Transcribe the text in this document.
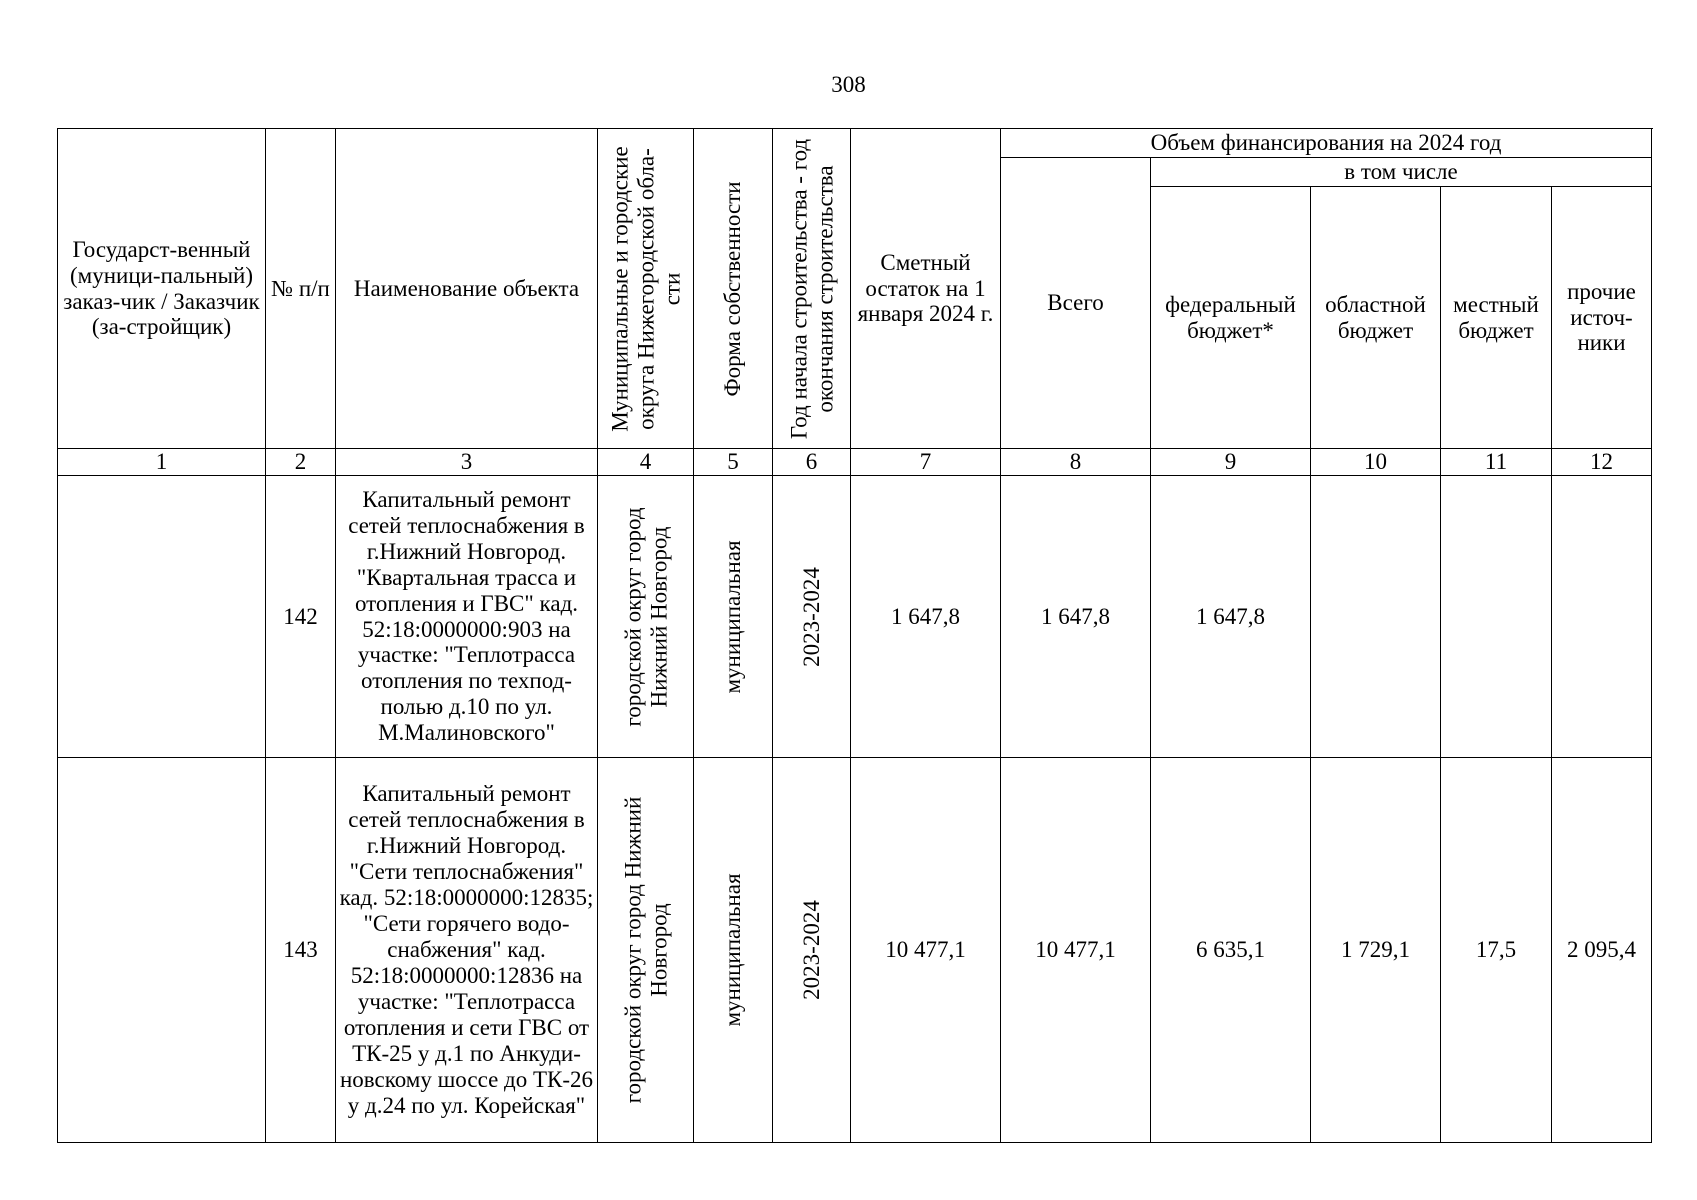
308
Государст-венный (муници-пальный) заказ-чик / Заказчик (за-стройщик)	№ п/п	Наименование объекта	Муниципальные и городские округа Нижегородской обла-сти	Форма собственности	Год начала строительства - год окончания строительства	Сметный остаток на 1 января 2024 г.	Объем финансирования на 2024 год				

							Всего	в том числе			

								федеральный бюджет*	областной бюджет	местный бюджет	прочие источ-ники

1	2	3	4	5	6	7	8	9	10	11	12
	142	Капитальный ремонт сетей теплоснабжения в г.Нижний Новгород. "Квартальная трасса и отопления и ГВС" кад. 52:18:0000000:903 на участке: "Теплотрасса отопления по техпод-полью д.10 по ул. М.Малиновского"	городской округ город Нижний Новгород	муниципальная	2023-2024	1 647,8	1 647,8	1 647,8			
	143	Капитальный ремонт сетей теплоснабжения в г.Нижний Новгород. "Сети теплоснабжения" кад. 52:18:0000000:12835; "Сети горячего водо-снабжения" кад. 52:18:0000000:12836 на участке: "Теплотрасса отопления и сети ГВС от ТК-25 у д.1 по Анкуди-новскому шоссе до ТК-26 у д.24 по ул. Корейская"	городской округ город Нижний Новгород	муниципальная	2023-2024	10 477,1	10 477,1	6 635,1	1 729,1	17,5	2 095,4
